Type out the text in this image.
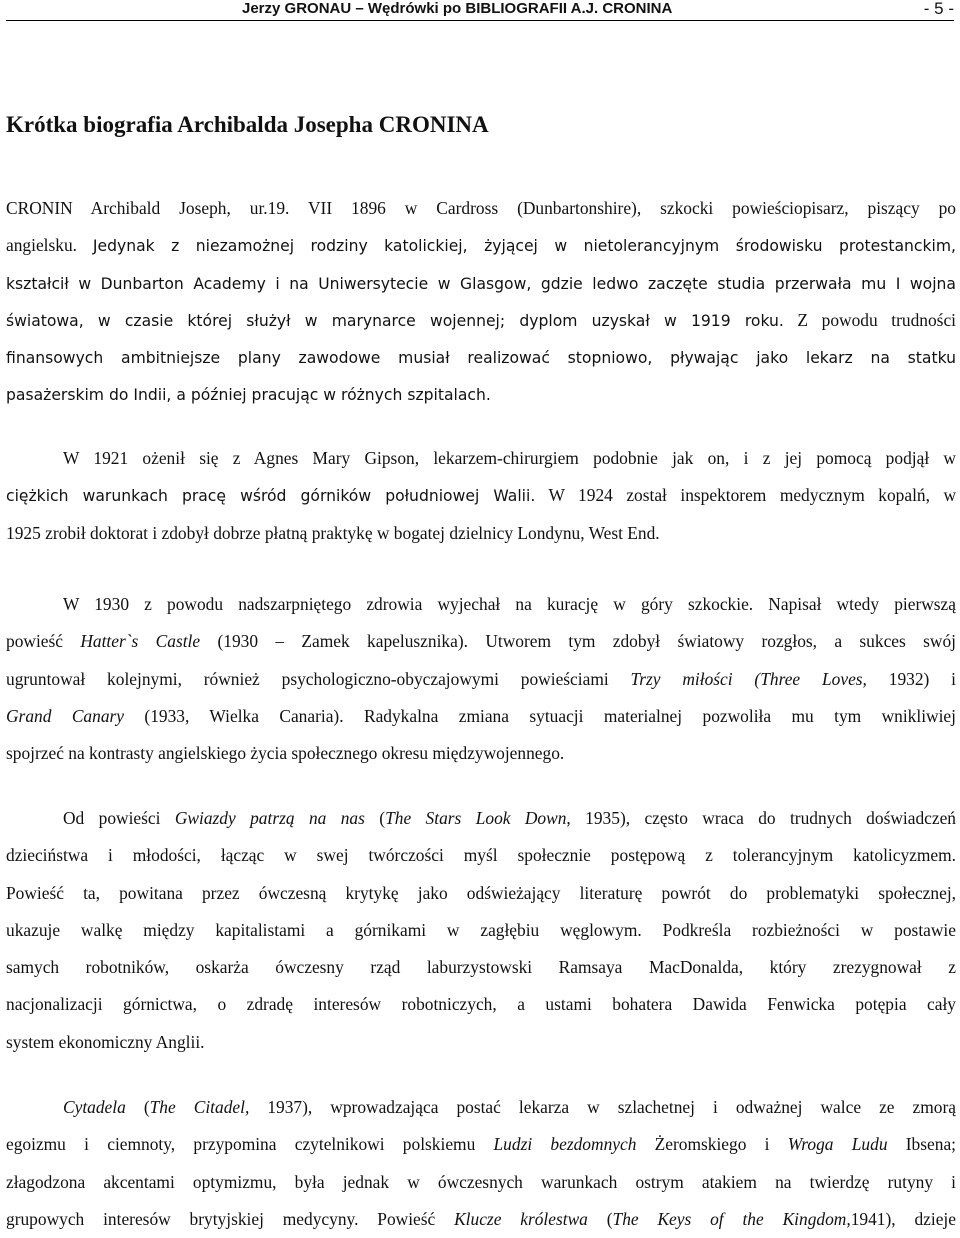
Jerzy GRONAU – Wędrówki po BIBLIOGRAFII A.J. CRONINA	- 5 -
Krótka biografia Archibalda Josepha CRONINA
CRONIN Archibald Joseph, ur.19. VII 1896 w Cardross (Dunbartonshire), szkocki powieściopisarz, piszący po
angielsku. Jedynak z niezamożnej rodziny katolickiej, żyjącej w nietolerancyjnym środowisku protestanckim,
kształcił w Dunbarton Academy i na Uniwersytecie w Glasgow, gdzie ledwo zaczęte studia przerwała mu I wojna
światowa, w czasie której służył w marynarce wojennej; dyplom uzyskał w 1919 roku. Z powodu trudności
finansowych ambitniejsze plany zawodowe musiał realizować stopniowo, pływając jako lekarz na statku
pasażerskim do Indii, a później pracując w różnych szpitalach.
W 1921 ożenił się z Agnes Mary Gipson, lekarzem-chirurgiem podobnie jak on, i z jej pomocą podjął w
ciężkich warunkach pracę wśród górników południowej Walii. W 1924 został inspektorem medycznym kopalń, w
1925 zrobił doktorat i zdobył dobrze płatną praktykę w bogatej dzielnicy Londynu, West End.
W 1930 z powodu nadszarpniętego zdrowia wyjechał na kurację w góry szkockie. Napisał wtedy pierwszą
powieść Hatter`s Castle (1930 – Zamek kapelusznika). Utworem tym zdobył światowy rozgłos, a sukces swój
ugruntował kolejnymi, również psychologiczno-obyczajowymi powieściami Trzy miłości (Three Loves, 1932) i
Grand Canary (1933, Wielka Canaria). Radykalna zmiana sytuacji materialnej pozwoliła mu tym wnikliwiej
spojrzeć na kontrasty angielskiego życia społecznego okresu międzywojennego.
Od powieści Gwiazdy patrzą na nas (The Stars Look Down, 1935), często wraca do trudnych doświadczeń
dzieciństwa i młodości, łącząc w swej twórczości myśl społecznie postępową z tolerancyjnym katolicyzmem.
Powieść ta, powitana przez ówczesną krytykę jako odświeżający literaturę powrót do problematyki społecznej,
ukazuje walkę między kapitalistami a górnikami w zagłębiu węglowym. Podkreśla rozbieżności w postawie
samych robotników, oskarża ówczesny rząd laburzystowski Ramsaya MacDonalda, który zrezygnował z
nacjonalizacji górnictwa, o zdradę interesów robotniczych, a ustami bohatera Dawida Fenwicka potępia cały
system ekonomiczny Anglii.
Cytadela (The Citadel, 1937), wprowadzająca postać lekarza w szlachetnej i odważnej walce ze zmorą
egoizmu i ciemnoty, przypomina czytelnikowi polskiemu Ludzi bezdomnych Żeromskiego i Wroga Ludu Ibsena;
złagodzona akcentami optymizmu, była jednak w ówczesnych warunkach ostrym atakiem na twierdzę rutyny i
grupowych interesów brytyjskiej medycyny. Powieść Klucze królestwa (The Keys of the Kingdom,1941), dzieje
